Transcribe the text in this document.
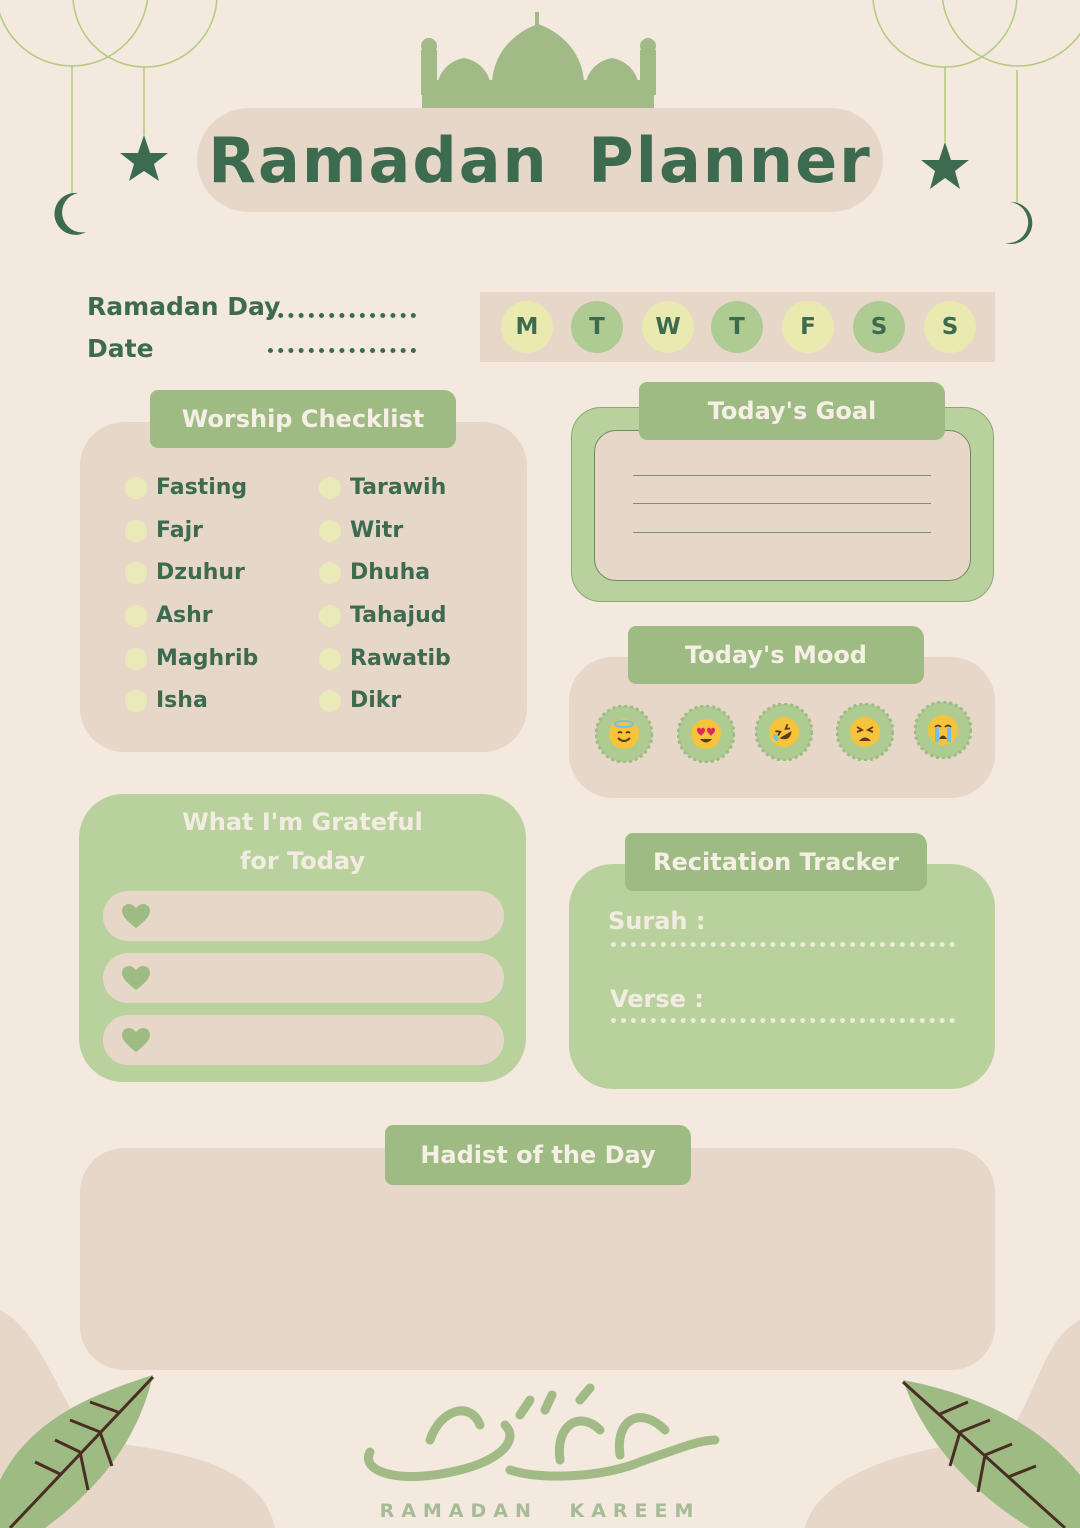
Ramadan Planner
Ramadan Day
Date
M	T	W	T	F	S	S
Worship Checklist
Fasting
Fajr
Dzuhur
Ashr
Maghrib
Isha
Tarawih
Witr
Dhuha
Tahajud
Rawatib
Dikr
Today's Goal
Today's Mood
What I'm Grateful
for Today	Recitation Tracker
Surah :
Verse :
Hadist of the Day
RAMADAN KAREEM
